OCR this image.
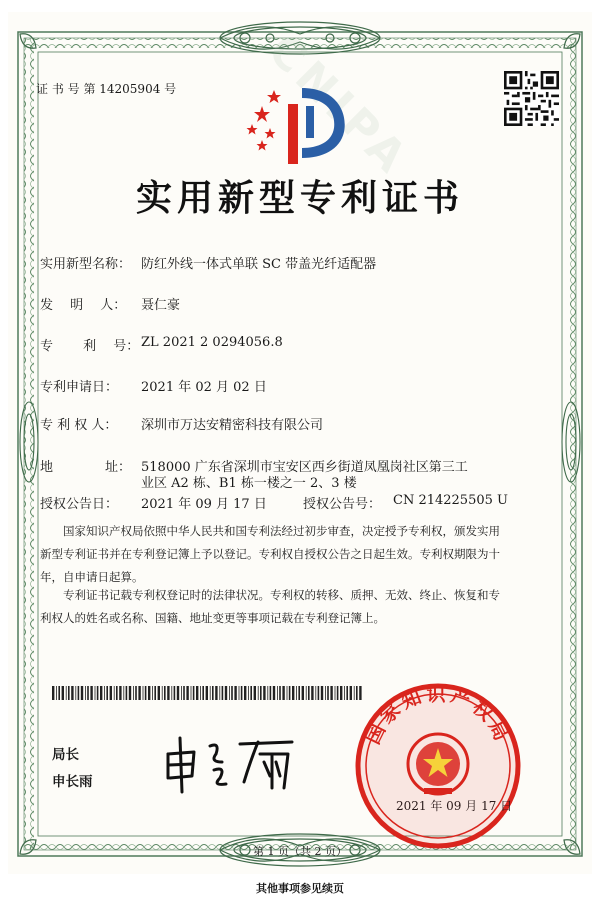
证 书 号 第 14205904 号
实用新型专利证书
实用新型名称： 防红外线一体式单联 SC 带盖光纤适配器
发　 明　 人： 聂仁豪
专　　 利　 号： ZL 2021 2 0294056.8
专利申请日： 2021 年 02 月 02 日
专 利 权 人： 深圳市万达安精密科技有限公司
地　　　　址： 518000 广东省深圳市宝安区西乡街道凤凰岗社区第三工
业区 A2 栋、B1 栋一楼之一 2、3 楼
授权公告日： 2021 年 09 月 17 日	授权公告号： CN 214225505 U
　　国家知识产权局依照中华人民共和国专利法经过初步审查，决定授予专利权，颁发实用
新型专利证书并在专利登记簿上予以登记。专利权自授权公告之日起生效。专利权期限为十
年，自申请日起算。
　　专利证书记载专利权登记时的法律状况。专利权的转移、质押、无效、终止、恢复和专
利权人的姓名或名称、国籍、地址变更等事项记载在专利登记簿上。
局长
申长雨
国家知识产权局
2021 年 09 月 17 日
第 1 页（共 2 页）
其他事项参见续页
